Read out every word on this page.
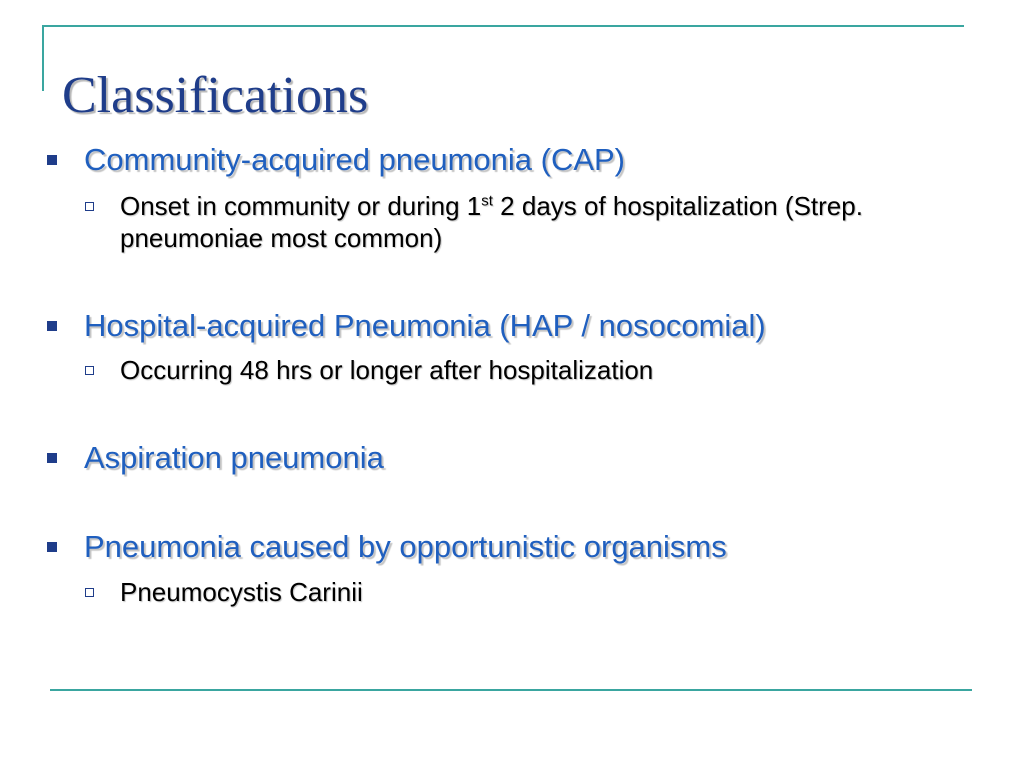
Classifications
Community-acquired pneumonia (CAP)
Onset in community or during 1st 2 days of hospitalization (Strep. pneumoniae most common)
Hospital-acquired Pneumonia (HAP / nosocomial)
Occurring 48 hrs or longer after hospitalization
Aspiration pneumonia
Pneumonia caused by opportunistic organisms
Pneumocystis Carinii
